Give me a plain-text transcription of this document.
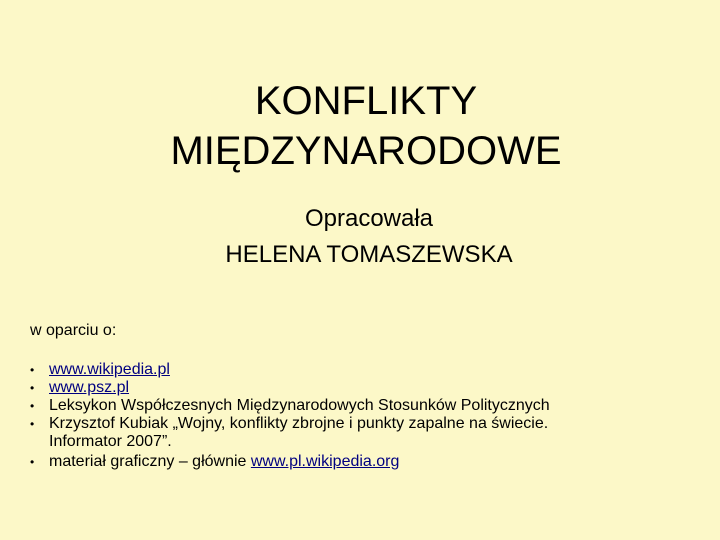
KONFLIKTY
MIĘDZYNARODOWE
Opracowała
HELENA TOMASZEWSKA
w oparciu o:
• www.wikipedia.pl
• www.psz.pl
• Leksykon Współczesnych Międzynarodowych Stosunków Politycznych
• Krzysztof Kubiak „Wojny, konflikty zbrojne i punkty zapalne na świecie.
Informator 2007”.
• materiał graficzny – głównie www.pl.wikipedia.org
